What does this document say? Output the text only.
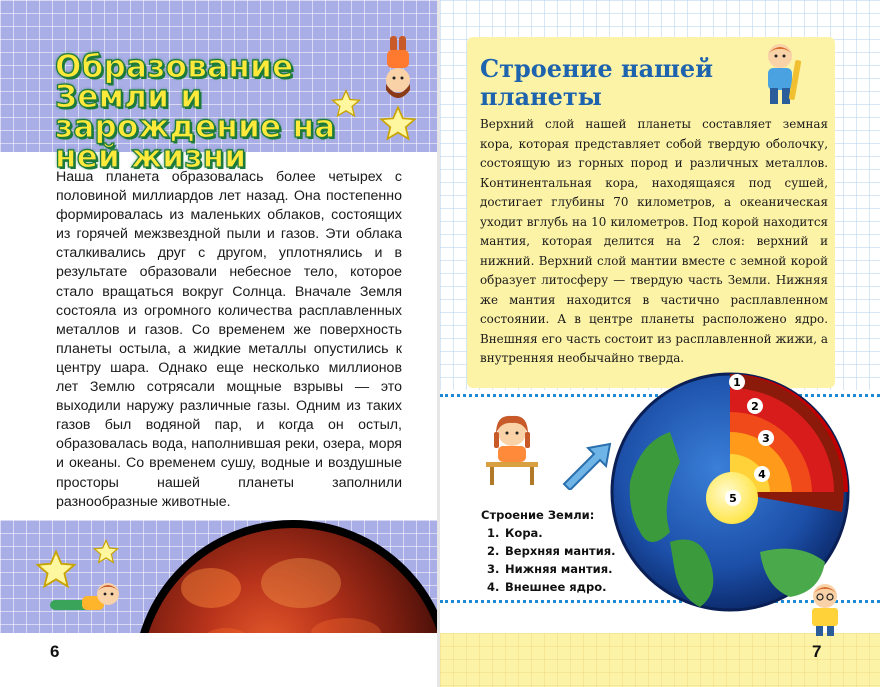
Образование Земли и зарождение на ней жизни
Наша планета образовалась более четырех с половиной миллиардов лет назад. Она постепенно формировалась из маленьких облаков, состоящих из горячей межзвездной пыли и газов. Эти облака сталкивались друг с другом, уплотнялись и в результате образовали небесное тело, которое стало вращаться вокруг Солнца. Вначале Земля состояла из огромного количества расплавленных металлов и газов. Со временем же поверхность планеты остыла, а жидкие металлы опустились к центру шара. Однако еще несколько миллионов лет Землю сотрясали мощные взрывы — это выходили наружу различные газы. Одним из таких газов был водяной пар, и когда он остыл, образовалась вода, наполнившая реки, озера, моря и океаны. Со временем сушу, водные и воздушные просторы нашей планеты заполнили разнообразные животные.
6
Строение нашей планеты
Верхний слой нашей планеты составляет земная кора, которая представляет собой твердую оболочку, состоящую из горных пород и различных металлов. Континентальная кора, находящаяся под сушей, достигает глубины 70 километров, а океаническая уходит вглубь на 10 километров. Под корой находится мантия, которая делится на 2 слоя: верхний и нижний. Верхний слой мантии вместе с земной корой образует литосферу — твердую часть Земли. Нижняя же мантия находится в частично расплавленном состоянии. А в центре планеты расположено ядро. Внешняя его часть состоит из расплавленной жижи, а внутренняя необычайно твердa.
Строение Земли:
1. Кора.
2. Верхняя мантия.
3. Нижняя мантия.
4. Внешнее ядро.
1
2
3
4
5
7
